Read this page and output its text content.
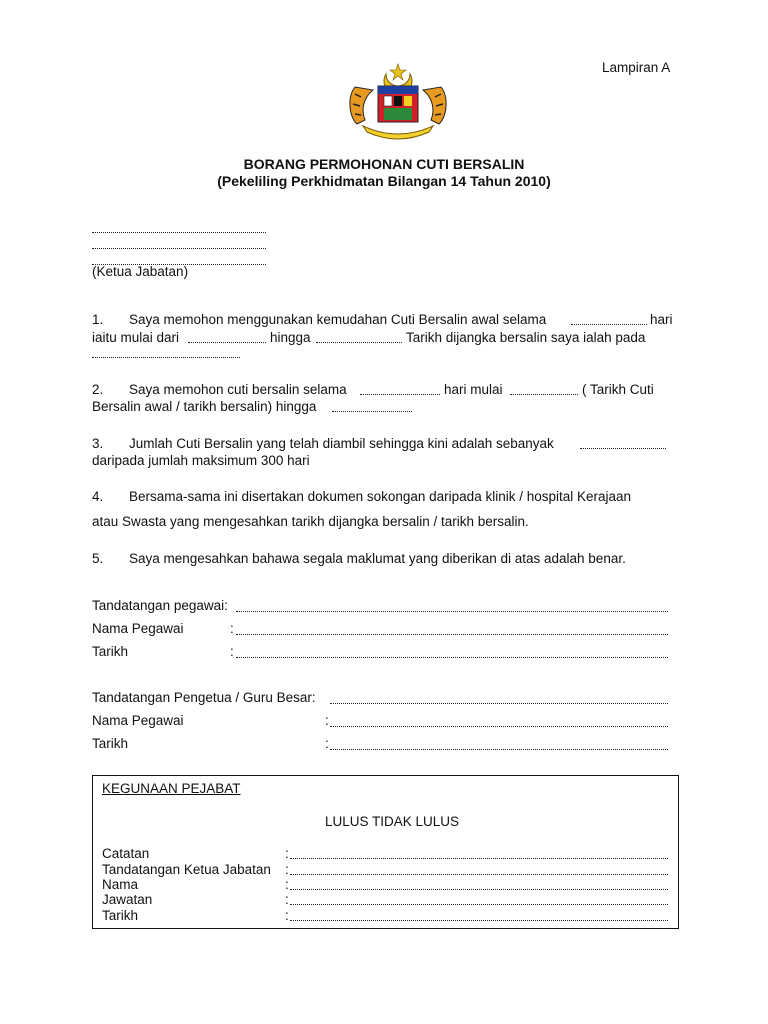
Lampiran A
BORANG PERMOHONAN CUTI BERSALIN
(Pekeliling Perkhidmatan Bilangan 14 Tahun 2010)
(Ketua Jabatan)
1. Saya memohon menggunakan kemudahan Cuti Bersalin awal selama	hari
iaitu mulai dari	hingga	Tarikh dijangka bersalin saya ialah pada
2. Saya memohon cuti bersalin selama	hari mulai	( Tarikh Cuti
Bersalin awal / tarikh bersalin) hingga
3. Jumlah Cuti Bersalin yang telah diambil sehingga kini adalah sebanyak
daripada jumlah maksimum 300 hari
4. Bersama-sama ini disertakan dokumen sokongan daripada klinik / hospital Kerajaan
atau Swasta yang mengesahkan tarikh dijangka bersalin / tarikh bersalin.
5. Saya mengesahkan bahawa segala maklumat yang diberikan di atas adalah benar.
Tandatangan pegawai:
Nama Pegawai	:
Tarikh	:
Tandatangan Pengetua / Guru Besar:
Nama Pegawai	:
Tarikh	:
KEGUNAAN PEJABAT
LULUS TIDAK LULUS
Catatan	:
Tandatangan Ketua Jabatan :
Nama	:
Jawatan	:
Tarikh	:
